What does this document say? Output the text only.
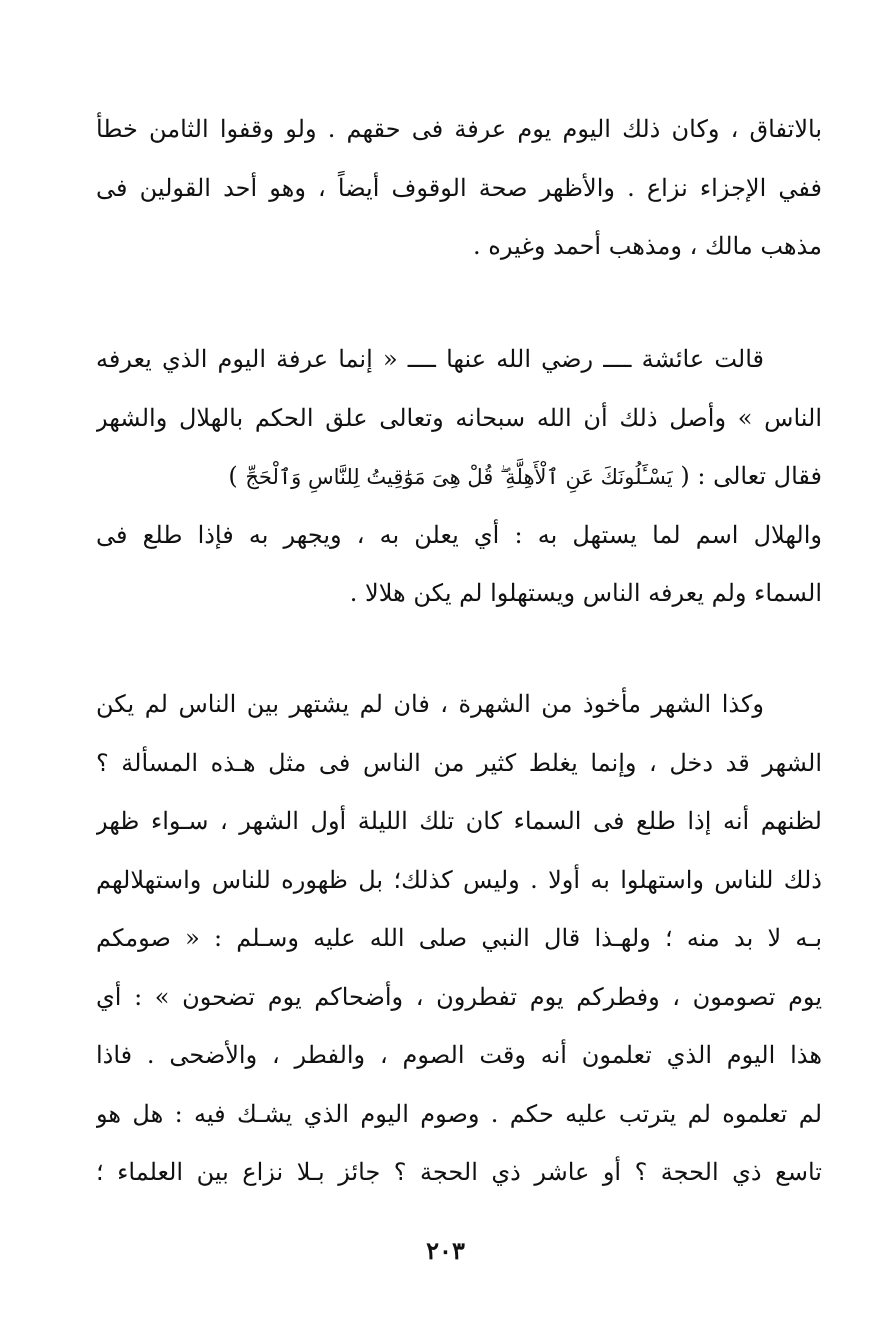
بالاتفاق ، وكان ذلك اليوم يوم عرفة فى حقهم . ولو وقفوا الثامن خطأ
ففي الإجزاء نزاع . والأظهر صحة الوقوف أيضاً ، وهو أحد القولين فى
مذهب مالك ، ومذهب أحمد وغيره .
قالت عائشة ــــ رضي الله عنها ــــ « إنما عرفة اليوم الذي يعرفه
الناس » وأصل ذلك أن الله سبحانه وتعالى علق الحكم بالهلال والشهر
فقال تعالى : ( يَسْـَٔلُونَكَ عَنِ ٱلْأَهِلَّةِ ۖ قُلْ هِىَ مَوَٰقِيتُ لِلنَّاسِ وَٱلْحَجِّ )
والهلال اسم لما يستهل به : أي يعلن به ، ويجهر به فإذا طلع فى
السماء ولم يعرفه الناس ويستهلوا لم يكن هلالا .
وكذا الشهر مأخوذ من الشهرة ، فان لم يشتهر بين الناس لم يكن
الشهر قد دخل ، وإنما يغلط كثير من الناس فى مثل هـذه المسألة ؟
لظنهم أنه إذا طلع فى السماء كان تلك الليلة أول الشهر ، سـواء ظهر
ذلك للناس واستهلوا به أولا . وليس كذلك؛ بل ظهوره للناس واستهلالهم
بـه لا بد منه ؛ ولهـذا قال النبي صلى الله عليه وسـلم : « صومكم
يوم تصومون ، وفطركم يوم تفطرون ، وأضحاكم يوم تضحون » : أي
هذا اليوم الذي تعلمون أنه وقت الصوم ، والفطر ، والأضحى . فاذا
لم تعلموه لم يترتب عليه حكم . وصوم اليوم الذي يشـك فيه : هل هو
تاسع ذي الحجة ؟ أو عاشر ذي الحجة ؟ جائز بـلا نزاع بين العلماء ؛
٢٠٣
